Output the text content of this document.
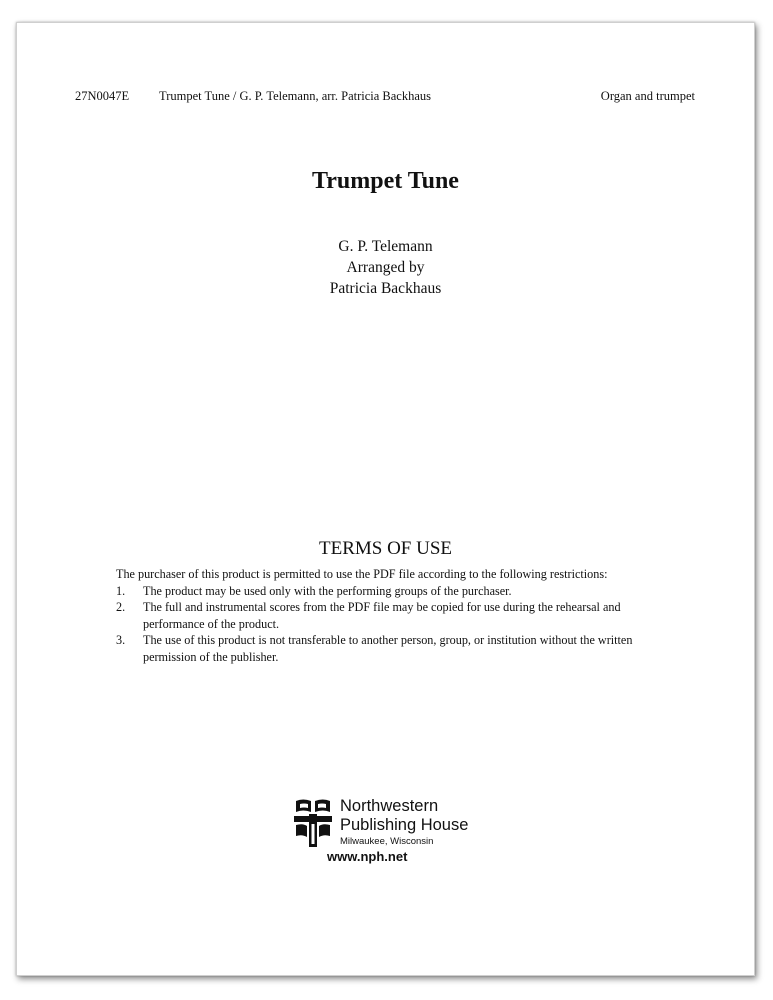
27N0047E Trumpet Tune / G. P. Telemann, arr. Patricia Backhaus	Organ and trumpet
Trumpet Tune
G. P. Telemann
Arranged by
Patricia Backhaus
TERMS OF USE
The purchaser of this product is permitted to use the PDF file according to the following restrictions:
1. The product may be used only with the performing groups of the purchaser.
2. The full and instrumental scores from the PDF file may be copied for use during the rehearsal and performance of the product.
3. The use of this product is not transferable to another person, group, or institution without the written permission of the publisher.
Northwestern
Publishing House
Milwaukee, Wisconsin
www.nph.net
